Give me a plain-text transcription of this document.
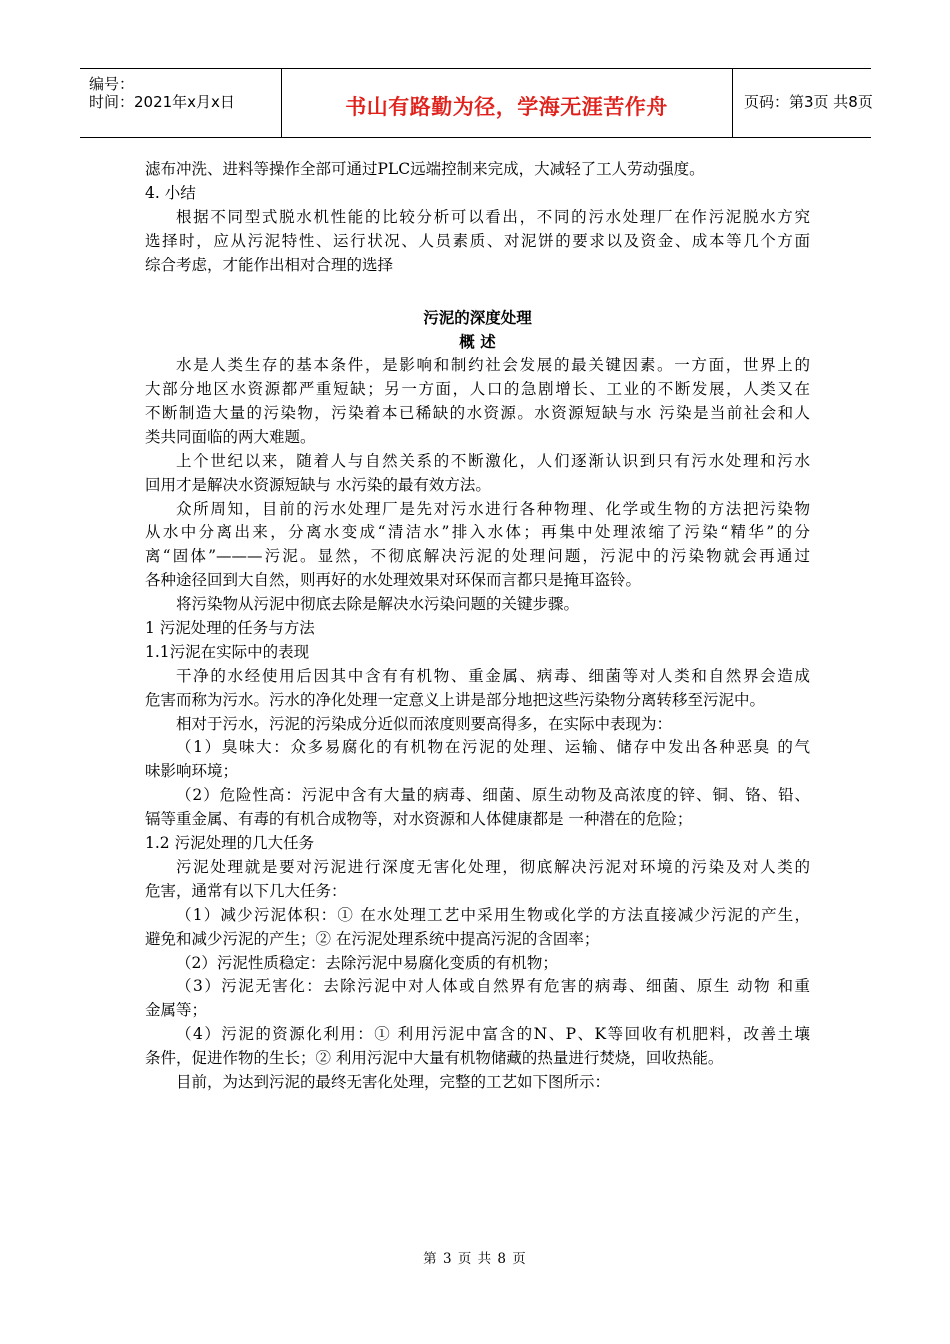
编号：
时间：2021年x月x日	书山有路勤为径，学海无涯苦作舟	页码：第3页 共8页
滤布冲洗、进料等操作全部可通过PLC远端控制来完成，大减轻了工人劳动强度。
4. 小结
根据不同型式脱水机性能的比较分析可以看出，不同的污水处理厂在作污泥脱水方究
选择时，应从污泥特性、运行状况、人员素质、对泥饼的要求以及资金、成本等几个方面
综合考虑，才能作出相对合理的选择
污泥的深度处理
概 述
水是人类生存的基本条件，是影响和制约社会发展的最关键因素。一方面，世界上的
大部分地区水资源都严重短缺；另一方面，人口的急剧增长、工业的不断发展，人类又在
不断制造大量的污染物，污染着本已稀缺的水资源。水资源短缺与水 污染是当前社会和人
类共同面临的两大难题。
上个世纪以来，随着人与自然关系的不断激化，人们逐渐认识到只有污水处理和污水
回用才是解决水资源短缺与 水污染的最有效方法。
众所周知，目前的污水处理厂是先对污水进行各种物理、化学或生物的方法把污染物
从水中分离出来，分离水变成“清洁水”排入水体；再集中处理浓缩了污染“精华”的分
离“固体”———污泥。显然，不彻底解决污泥的处理问题，污泥中的污染物就会再通过
各种途径回到大自然，则再好的水处理效果对环保而言都只是掩耳盗铃。
将污染物从污泥中彻底去除是解决水污染问题的关键步骤。
1 污泥处理的任务与方法
1.1污泥在实际中的表现
干净的水经使用后因其中含有有机物、重金属、病毒、细菌等对人类和自然界会造成
危害而称为污水。污水的净化处理一定意义上讲是部分地把这些污染物分离转移至污泥中。
相对于污水，污泥的污染成分近似而浓度则要高得多，在实际中表现为：
（1）臭味大：众多易腐化的有机物在污泥的处理、运输、储存中发出各种恶臭 的气
味影响环境；
（2）危险性高：污泥中含有大量的病毒、细菌、原生动物及高浓度的锌、铜、铬、铅、
镉等重金属、有毒的有机合成物等，对水资源和人体健康都是 一种潜在的危险；
1.2 污泥处理的几大任务
污泥处理就是要对污泥进行深度无害化处理，彻底解决污泥对环境的污染及对人类的
危害，通常有以下几大任务：
（1）减少污泥体积：① 在水处理工艺中采用生物或化学的方法直接减少污泥的产生，
避免和减少污泥的产生；② 在污泥处理系统中提高污泥的含固率；
（2）污泥性质稳定：去除污泥中易腐化变质的有机物；
（3）污泥无害化：去除污泥中对人体或自然界有危害的病毒、细菌、原生 动物 和重
金属等；
（4）污泥的资源化利用：① 利用污泥中富含的N、P、K等回收有机肥料，改善土壤
条件，促进作物的生长；② 利用污泥中大量有机物储藏的热量进行焚烧，回收热能。
目前，为达到污泥的最终无害化处理，完整的工艺如下图所示：
第 3 页 共 8 页
